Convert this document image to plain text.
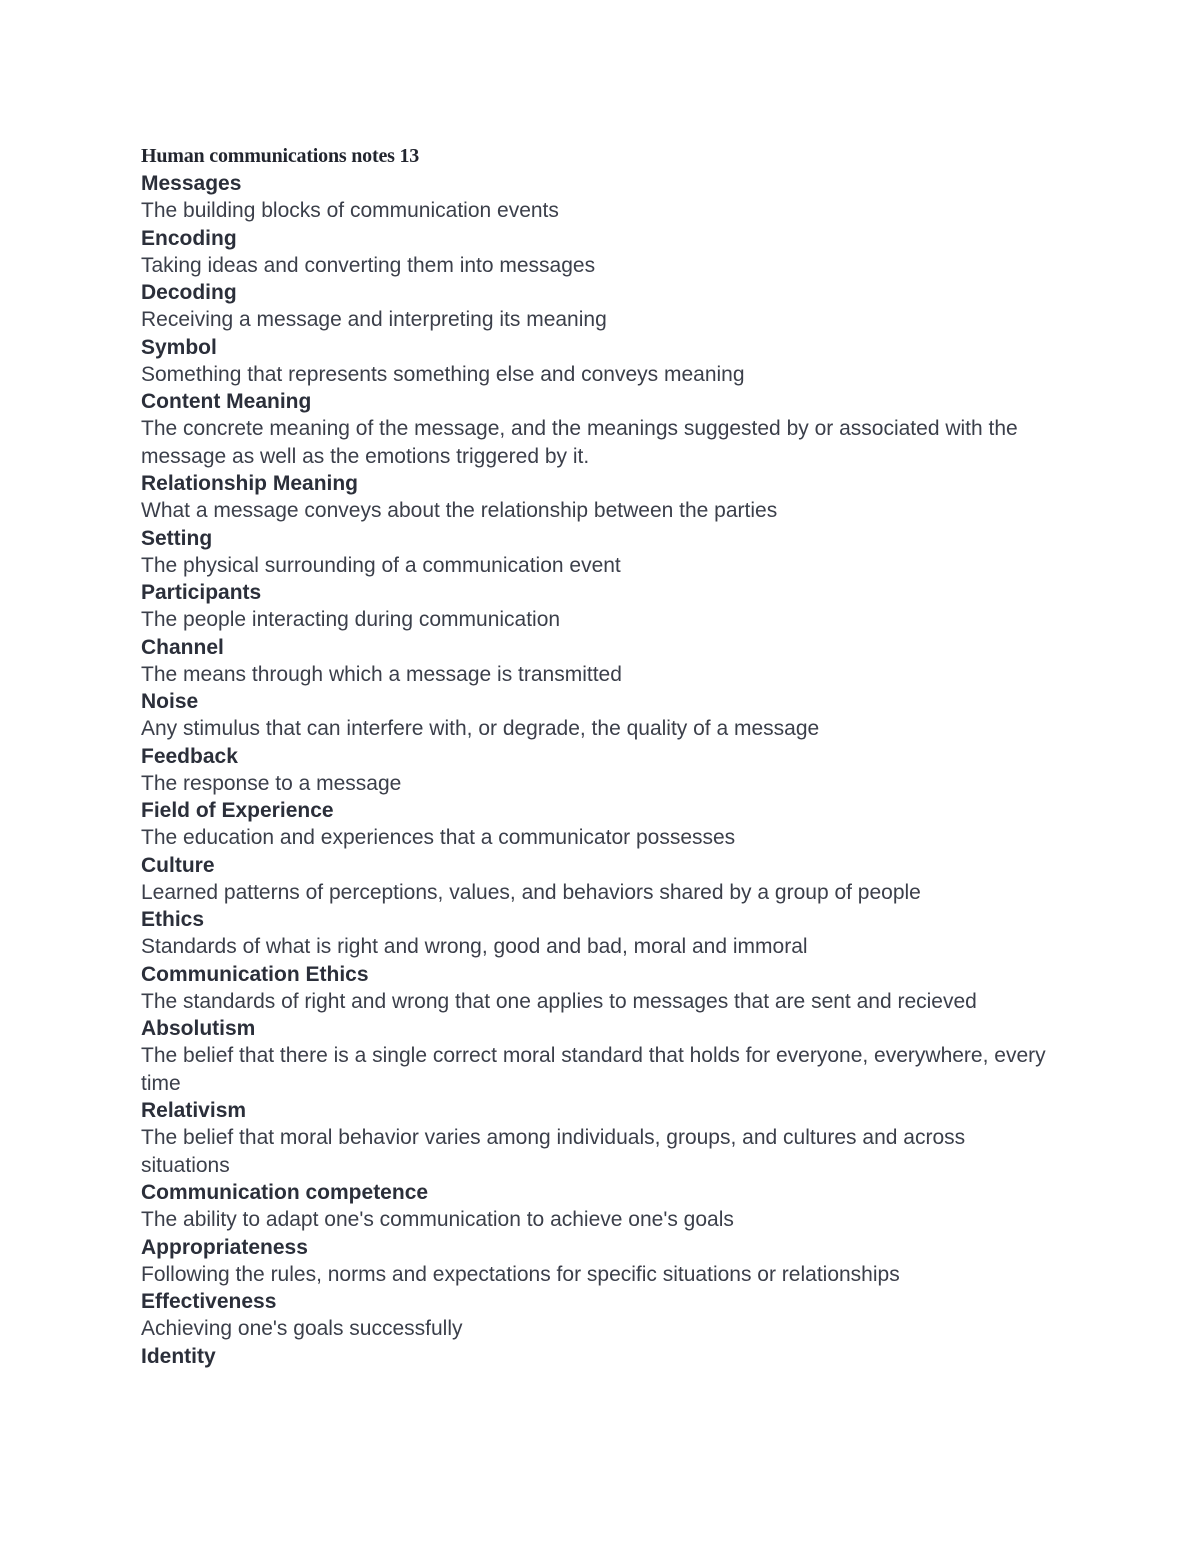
Human communications notes 13

Messages

The building blocks of communication events

Encoding

Taking ideas and converting them into messages

Decoding

Receiving a message and interpreting its meaning

Symbol

Something that represents something else and conveys meaning

Content Meaning

The concrete meaning of the message, and the meanings suggested by or associated with the message as well as the emotions triggered by it.

Relationship Meaning

What a message conveys about the relationship between the parties

Setting

The physical surrounding of a communication event

Participants

The people interacting during communication

Channel

The means through which a message is transmitted

Noise

Any stimulus that can interfere with, or degrade, the quality of a message

Feedback

The response to a message

Field of Experience

The education and experiences that a communicator possesses

Culture

Learned patterns of perceptions, values, and behaviors shared by a group of people

Ethics

Standards of what is right and wrong, good and bad, moral and immoral

Communication Ethics

The standards of right and wrong that one applies to messages that are sent and recieved

Absolutism

The belief that there is a single correct moral standard that holds for everyone, everywhere, every time

Relativism

The belief that moral behavior varies among individuals, groups, and cultures and across situations

Communication competence

The ability to adapt one's communication to achieve one's goals

Appropriateness

Following the rules, norms and expectations for specific situations or relationships

Effectiveness

Achieving one's goals successfully

Identity
